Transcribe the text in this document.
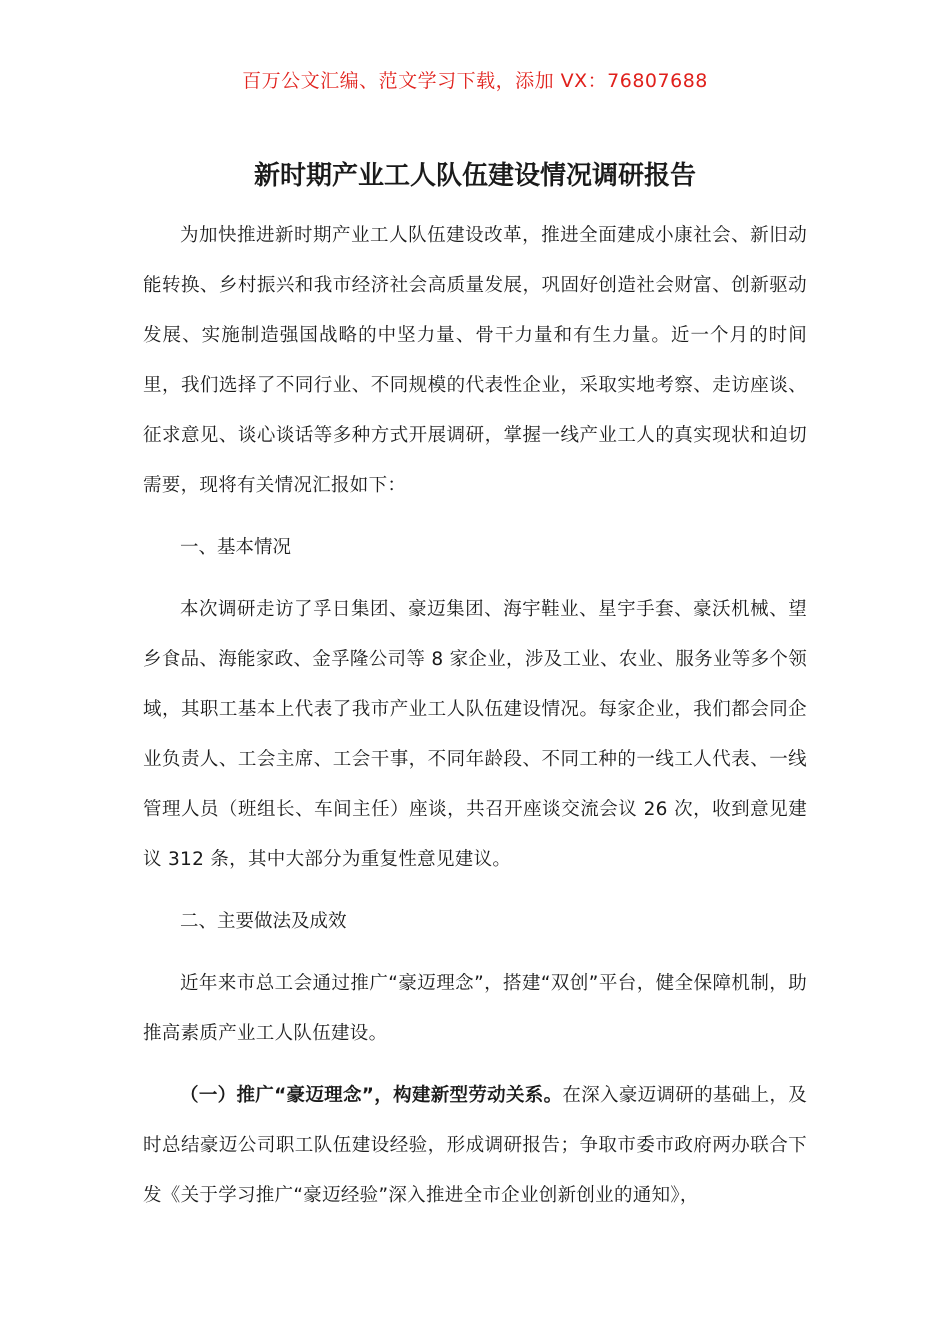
百万公文汇编、范文学习下载，添加 VX：76807688
新时期产业工人队伍建设情况调研报告

为加快推进新时期产业工人队伍建设改革，推进全面建成小康社会、新旧动能转换、乡村振兴和我市经济社会高质量发展，巩固好创造社会财富、创新驱动发展、实施制造强国战略的中坚力量、骨干力量和有生力量。近一个月的时间里，我们选择了不同行业、不同规模的代表性企业，采取实地考察、走访座谈、征求意见、谈心谈话等多种方式开展调研，掌握一线产业工人的真实现状和迫切需要，现将有关情况汇报如下：

一、基本情况

本次调研走访了孚日集团、豪迈集团、海宇鞋业、星宇手套、豪沃机械、望乡食品、海能家政、金孚隆公司等 8 家企业，涉及工业、农业、服务业等多个领域，其职工基本上代表了我市产业工人队伍建设情况。每家企业，我们都会同企业负责人、工会主席、工会干事，不同年龄段、不同工种的一线工人代表、一线管理人员（班组长、车间主任）座谈，共召开座谈交流会议 26 次，收到意见建议 312 条，其中大部分为重复性意见建议。

二、主要做法及成效

近年来市总工会通过推广“豪迈理念”，搭建“双创”平台，健全保障机制，助推高素质产业工人队伍建设。

（一）推广“豪迈理念”，构建新型劳动关系。在深入豪迈调研的基础上，及时总结豪迈公司职工队伍建设经验，形成调研报告；争取市委市政府两办联合下发《关于学习推广“豪迈经验”深入推进全市企业创新创业的通知》，
